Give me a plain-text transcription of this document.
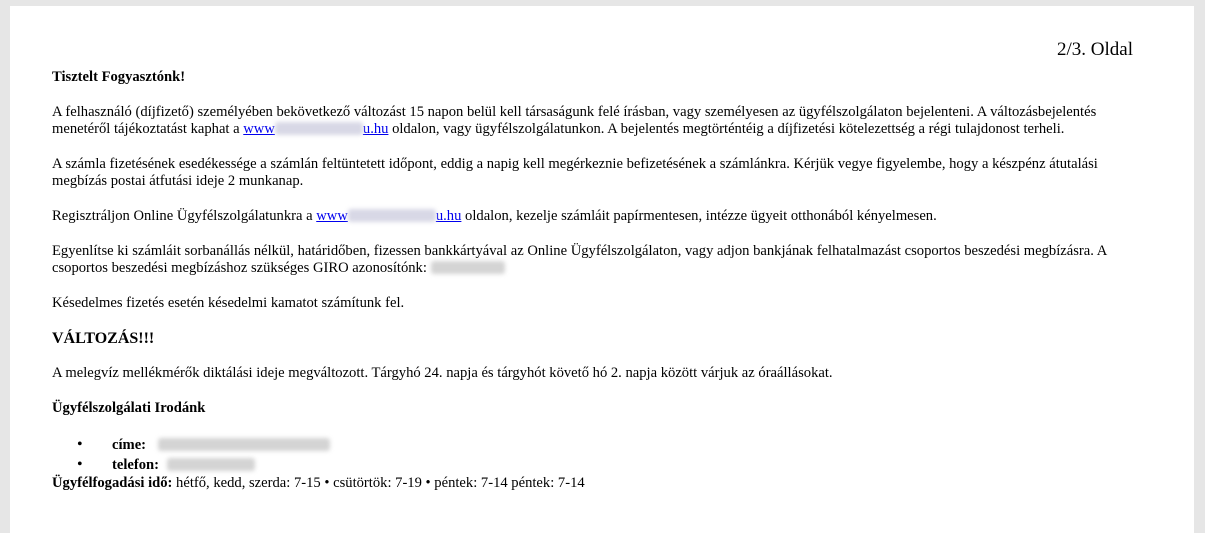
2/3. Oldal

Tisztelt Fogyasztónk!

A felhasználó (díjfizető) személyében bekövetkező változást 15 napon belül kell társaságunk felé írásban, vagy személyesen az ügyfélszolgálaton bejelenteni. A változásbejelentés menetéről tájékoztatást kaphat a www	u.hu oldalon, vagy ügyfélszolgálatunkon. A bejelentés megtörténtéig a díjfizetési kötelezettség a régi tulajdonost terheli.

A számla fizetésének esedékessége a számlán feltüntetett időpont, eddig a napig kell megérkeznie befizetésének a számlánkra. Kérjük vegye figyelembe, hogy a készpénz átutalási megbízás postai átfutási ideje 2 munkanap.

Regisztráljon Online Ügyfélszolgálatunkra a www	u.hu oldalon, kezelje számláit papírmentesen, intézze ügyeit otthonából kényelmesen.

Egyenlítse ki számláit sorbanállás nélkül, határidőben, fizessen bankkártyával az Online Ügyfélszolgálaton, vagy adjon bankjának felhatalmazást csoportos beszedési megbízásra. A csoportos beszedési megbízáshoz szükséges GIRO azonosítónk:

Késedelmes fizetés esetén késedelmi kamatot számítunk fel.

VÁLTOZÁS!!!

A melegvíz mellékmérők diktálási ideje megváltozott. Tárgyhó 24. napja és tárgyhót követő hó 2. napja között várjuk az óraállásokat.

Ügyfélszolgálati Irodánk

• címe:
• telefon:

Ügyfélfogadási idő: hétfő, kedd, szerda: 7-15 • csütörtök: 7-19 • péntek: 7-14 péntek: 7-14
